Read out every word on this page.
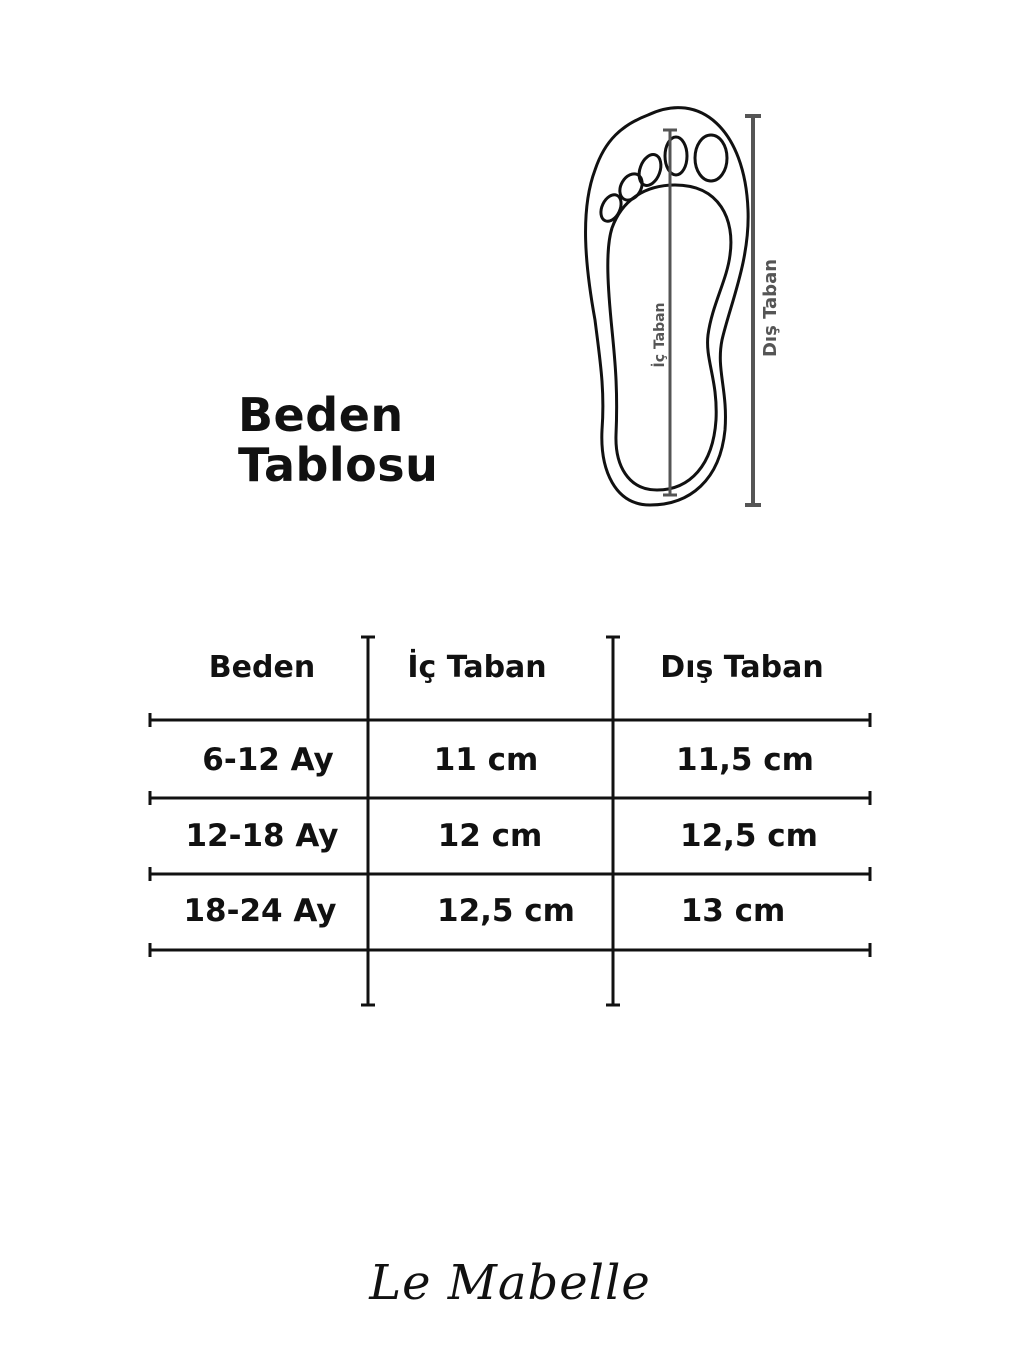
Beden
Tablosu
İç Taban	Dış Taban
Beden	İç Taban	Dış Taban
6-12 Ay	11 cm	11,5 cm
12-18 Ay	12 cm	12,5 cm
18-24 Ay	12,5 cm	13 cm
Le Mabelle
